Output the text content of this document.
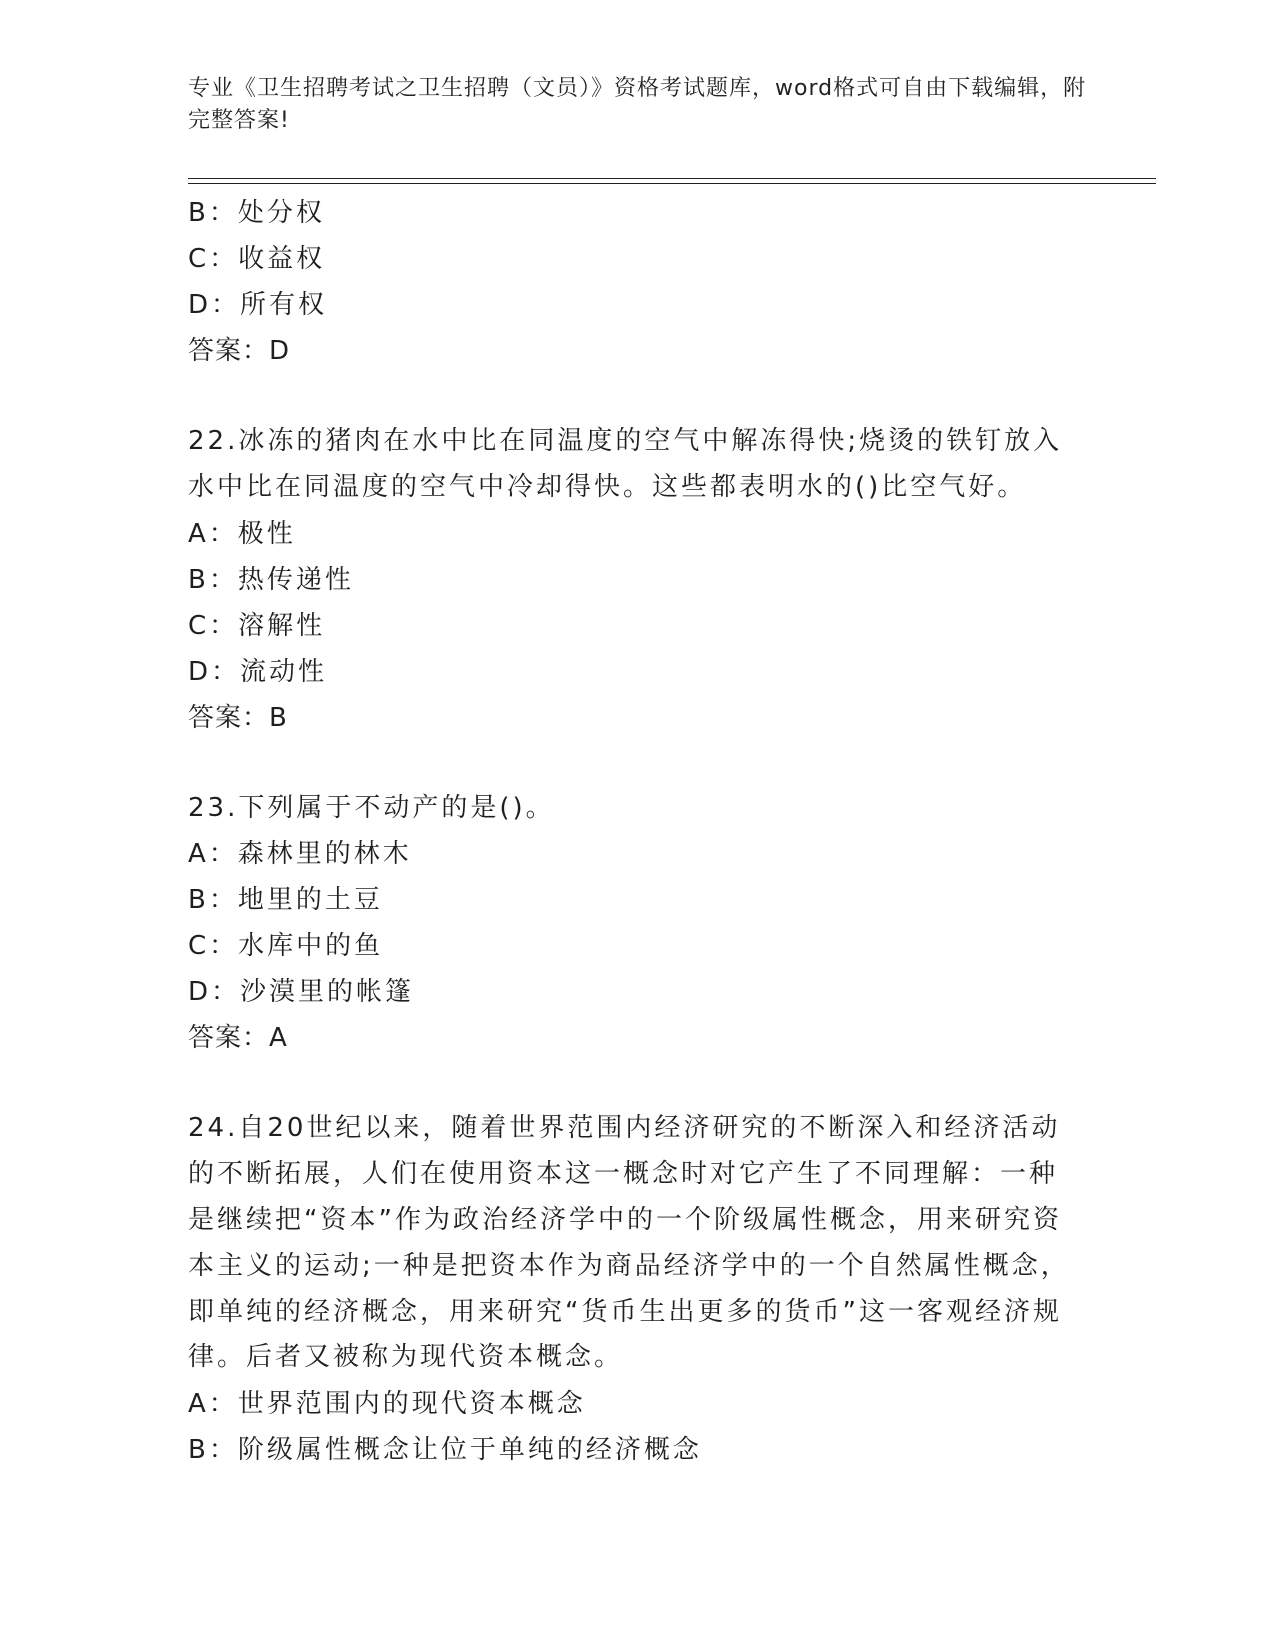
专业《卫生招聘考试之卫生招聘（文员）》资格考试题库，word格式可自由下载编辑，附完整答案!
B：处分权
C：收益权
D：所有权
答案：D
22.冰冻的猪肉在水中比在同温度的空气中解冻得快;烧烫的铁钉放入水中比在同温度的空气中冷却得快。这些都表明水的()比空气好。
A：极性
B：热传递性
C：溶解性
D：流动性
答案：B
23.下列属于不动产的是()。
A：森林里的林木
B：地里的土豆
C：水库中的鱼
D：沙漠里的帐篷
答案：A
24.自20世纪以来，随着世界范围内经济研究的不断深入和经济活动的不断拓展，人们在使用资本这一概念时对它产生了不同理解：一种是继续把“资本”作为政治经济学中的一个阶级属性概念，用来研究资本主义的运动;一种是把资本作为商品经济学中的一个自然属性概念，即单纯的经济概念，用来研究“货币生出更多的货币”这一客观经济规律。后者又被称为现代资本概念。
A：世界范围内的现代资本概念
B：阶级属性概念让位于单纯的经济概念
